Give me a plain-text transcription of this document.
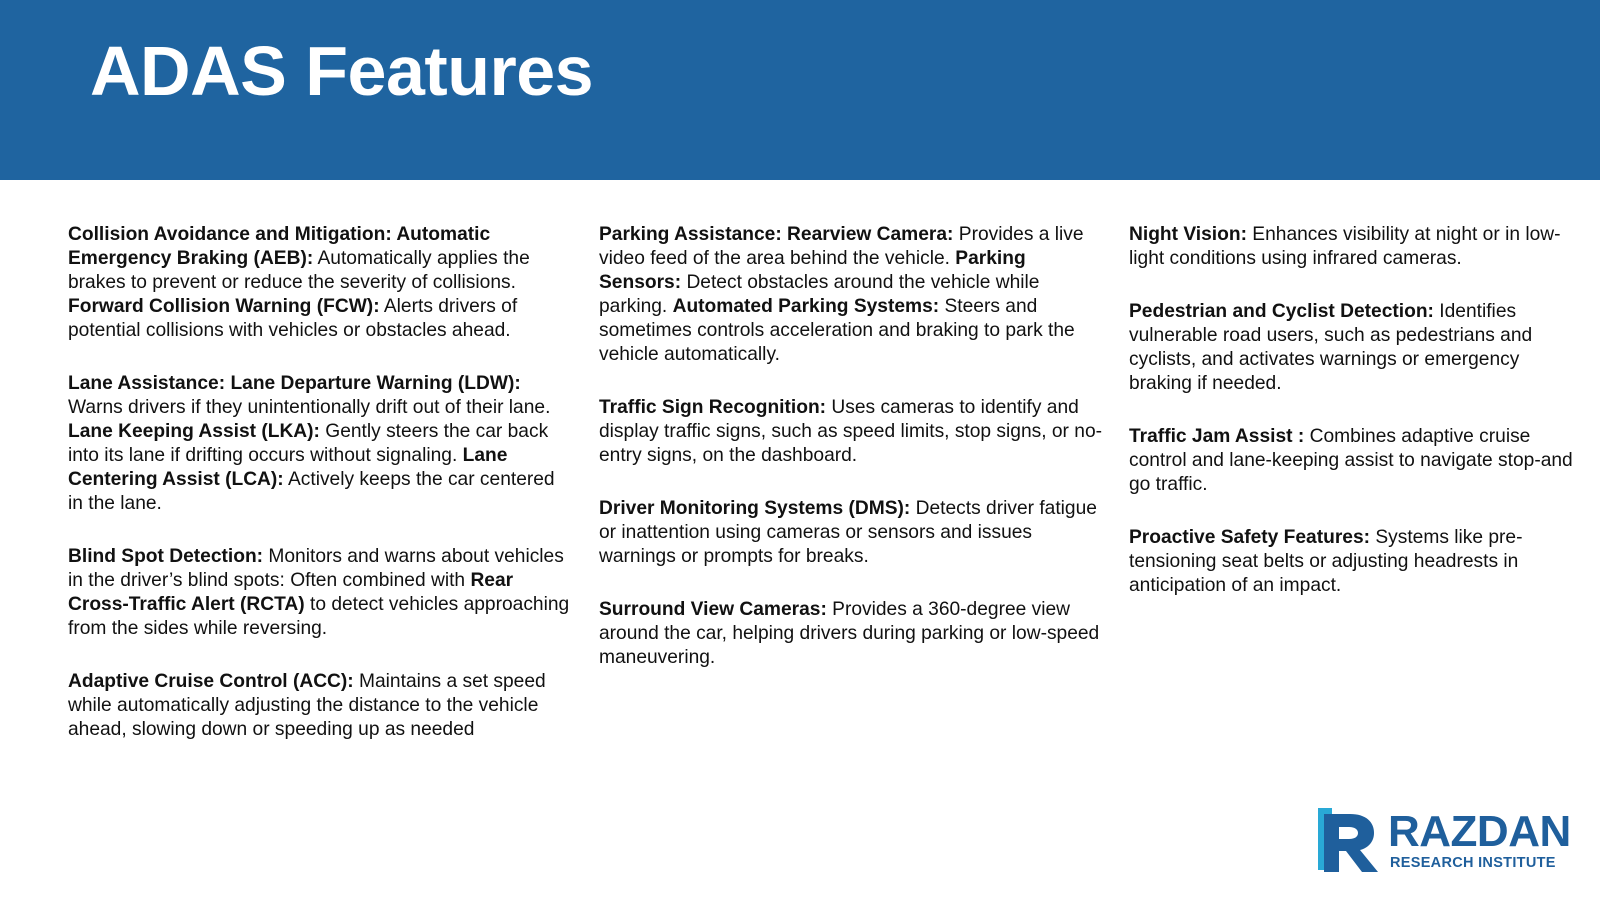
ADAS Features

Collision Avoidance and Mitigation: Automatic Emergency Braking (AEB): Automatically applies the brakes to prevent or reduce the severity of collisions. Forward Collision Warning (FCW): Alerts drivers of potential collisions with vehicles or obstacles ahead.

Lane Assistance: Lane Departure Warning (LDW): Warns drivers if they unintentionally drift out of their lane. Lane Keeping Assist (LKA): Gently steers the car back into its lane if drifting occurs without signaling. Lane Centering Assist (LCA): Actively keeps the car centered in the lane.

Blind Spot Detection: Monitors and warns about vehicles in the driver’s blind spots: Often combined with Rear Cross-Traffic Alert (RCTA) to detect vehicles approaching from the sides while reversing.

Adaptive Cruise Control (ACC): Maintains a set speed while automatically adjusting the distance to the vehicle ahead, slowing down or speeding up as needed

Parking Assistance: Rearview Camera: Provides a live video feed of the area behind the vehicle. Parking Sensors: Detect obstacles around the vehicle while parking. Automated Parking Systems: Steers and sometimes controls acceleration and braking to park the vehicle automatically.

Traffic Sign Recognition: Uses cameras to identify and display traffic signs, such as speed limits, stop signs, or no-entry signs, on the dashboard.

Driver Monitoring Systems (DMS): Detects driver fatigue or inattention using cameras or sensors and issues warnings or prompts for breaks.

Surround View Cameras: Provides a 360-degree view around the car, helping drivers during parking or low-speed maneuvering.

Night Vision: Enhances visibility at night or in low-light conditions using infrared cameras.

Pedestrian and Cyclist Detection: Identifies vulnerable road users, such as pedestrians and cyclists, and activates warnings or emergency braking if needed.

Traffic Jam Assist : Combines adaptive cruise control and lane-keeping assist to navigate stop-and go traffic.

Proactive Safety Features: Systems like pre-tensioning seat belts or adjusting headrests in anticipation of an impact.

RAZDAN
RESEARCH INSTITUTE
